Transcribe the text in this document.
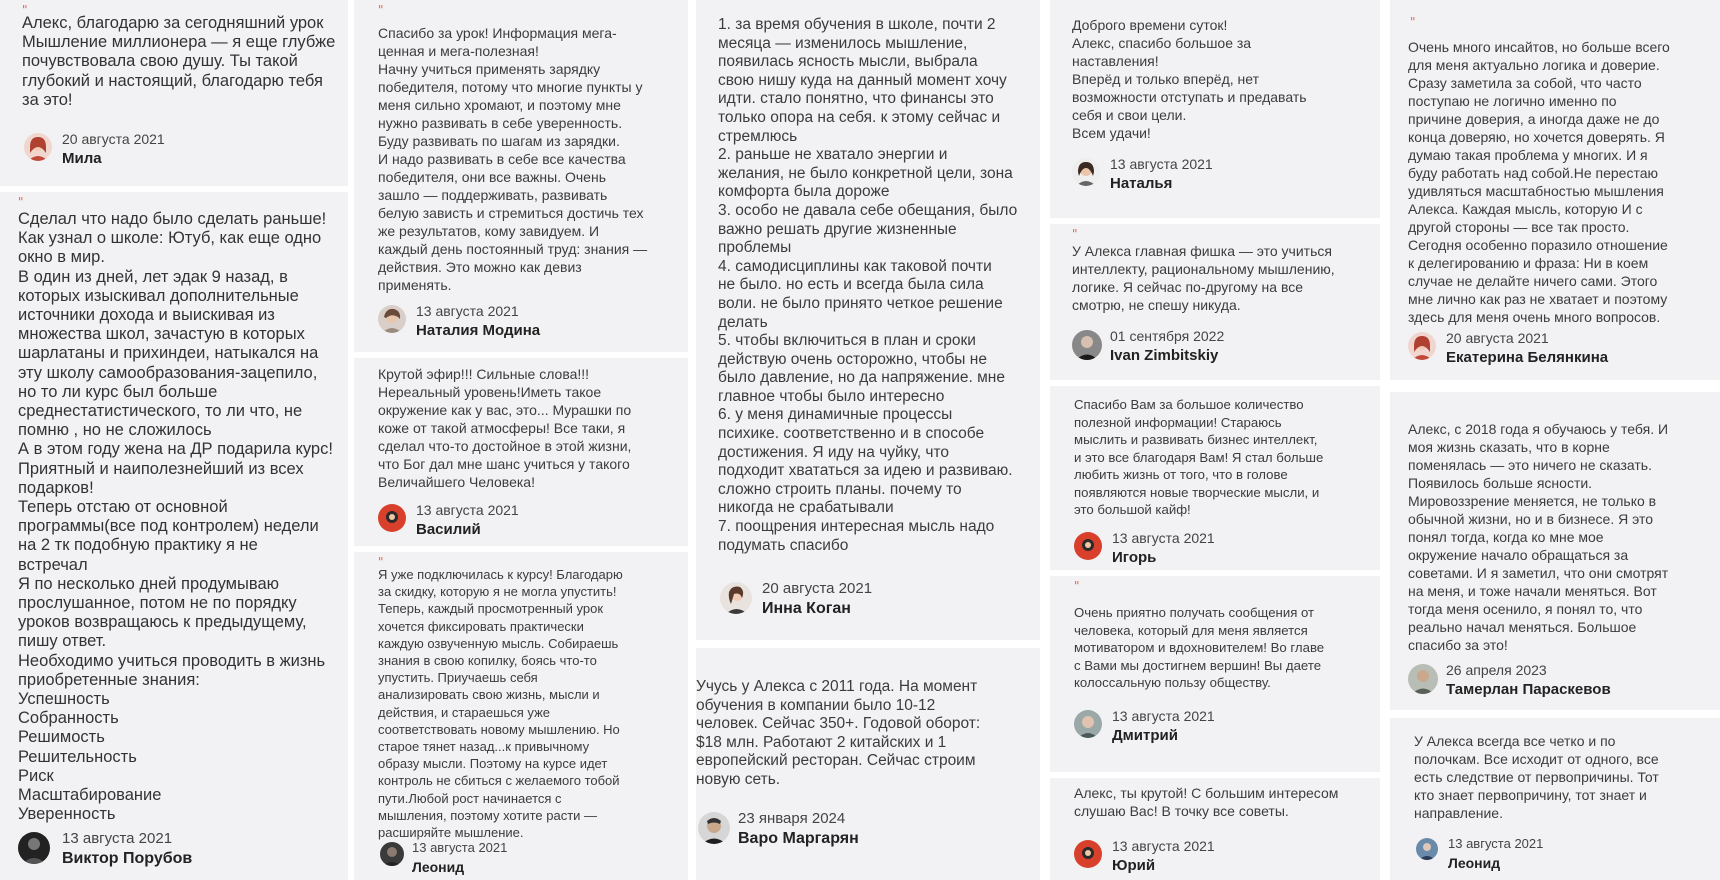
"
Алекс, благодарю за сегодняшний урок
Мышление миллионера — я еще глубже
почувствовала свою душу. Ты такой
глубокий и настоящий, благодарю тебя
за это!
20 августа 2021
Мила
"
Сделал что надо было сделать раньше!
Как узнал о школе: Ютуб, как еще одно
окно в мир.
В один из дней, лет эдак 9 назад, в
которых изыскивал дополнительные
источники дохода и выискивая из
множества школ, зачастую в которых
шарлатаны и прихиндеи, натыкался на
эту школу самообразования-зацепило,
но то ли курс был больше
среднестатистического, то ли что, не
помню , но не сложилось
А в этом году жена на ДР подарила курс!
Приятный и наиполезнейший из всех
подарков!
Теперь отстаю от основной
программы(все под контролем) недели
на 2 тк подобную практику я не
встречал
Я по несколько дней продумываю
прослушанное, потом не по порядку
уроков возвращаюсь к предыдущему,
пишу ответ.
Необходимо учиться проводить в жизнь
приобретенные знания:
Успешность
Собранность
Решимость
Решительность
Риск
Масштабирование
Уверенность
13 августа 2021
Виктор Порубов
"
Спасибо за урок! Информация мега-
ценная и мега-полезная!
Начну учиться применять зарядку
победителя, потому что многие пункты у
меня сильно хромают, и поэтому мне
нужно развивать в себе уверенность.
Буду развивать по шагам из зарядки.
И надо развивать в себе все качества
победителя, они все важны. Очень
зашло — поддерживать, развивать
белую зависть и стремиться достичь тех
же результатов, кому завидуем. И
каждый день постоянный труд: знания —
действия. Это можно как девиз
применять.
13 августа 2021
Наталия Модина
Крутой эфир!!! Сильные слова!!!
Нереальный уровень!Иметь такое
окружение как у вас, это... Мурашки по
коже от такой атмосферы! Все таки, я
сделал что-то достойное в этой жизни,
что Бог дал мне шанс учиться у такого
Величайшего Человека!
13 августа 2021
Василий
"
Я уже подключилась к курсу! Благодарю
за скидку, которую я не могла упустить!
Теперь, каждый просмотренный урок
хочется фиксировать практически
каждую озвученную мысль. Собираешь
знания в свою копилку, боясь что-то
упустить. Приучаешь себя
анализировать свою жизнь, мысли и
действия, и стараешься уже
соответствовать новому мышлению. Но
старое тянет назад...к привычному
образу мысли. Поэтому на курсе идет
контроль не сбиться с желаемого тобой
пути.Любой рост начинается с
мышления, поэтому хотите расти —
расширяйте мышление.
13 августа 2021
Леонид
1. за время обучения в школе, почти 2
месяца — изменилось мышление,
появилась ясность мысли, выбрала
свою нишу куда на данный момент хочу
идти. стало понятно, что финансы это
только опора на себя. к этому сейчас и
стремлюсь
2. раньше не хватало энергии и
желания, не было конкретной цели, зона
комфорта была дороже
3. особо не давала себе обещания, было
важно решать другие жизненные
проблемы
4. самодисциплины как таковой почти
не было. но есть и всегда была сила
воли. не было принято четкое решение
делать
5. чтобы включиться в план и сроки
действую очень осторожно, чтобы не
было давление, но да напряжение. мне
главное чтобы было интересно
6. у меня динамичные процессы
психике. соответственно и в способе
достижения. Я иду на чуйку, что
подходит хвататься за идею и развиваю.
сложно строить планы. почему то
никогда не срабатывали
7. поощрения интересная мысль надо
подумать спасибо
20 августа 2021
Инна Коган
Учусь у Алекса с 2011 года. На момент
обучения в компании было 10-12
человек. Сейчас 350+. Годовой оборот:
$18 млн. Работают 2 китайских и 1
европейский ресторан. Сейчас строим
новую сеть.
23 января 2024
Варо Маргарян
Доброго времени суток!
Алекс, спасибо большое за
наставления!
Вперёд и только вперёд, нет
возможности отступать и предавать
себя и свои цели.
Всем удачи!
13 августа 2021
Наталья
"
У Алекса главная фишка — это учиться
интеллекту, рациональному мышлению,
логике. Я сейчас по-другому на все
смотрю, не спешу никуда.
01 сентября 2022
Ivan Zimbitskiy
Спасибо Вам за большое количество
полезной информации! Стараюсь
мыслить и развивать бизнес интеллект,
и это все благодаря Вам! Я стал больше
любить жизнь от того, что в голове
появляются новые творческие мысли, и
это большой кайф!
13 августа 2021
Игорь
"
Очень приятно получать сообщения от
человека, который для меня является
мотиватором и вдохновителем! Во главе
с Вами мы достигнем вершин! Вы даете
колоссальную пользу обществу.
13 августа 2021
Дмитрий
Алекс, ты крутой! С большим интересом
слушаю Вас! В точку все советы.
13 августа 2021
Юрий
"
Очень много инсайтов, но больше всего
для меня актуально логика и доверие.
Сразу заметила за собой, что часто
поступаю не логично именно по
причине доверия, а иногда даже не до
конца доверяю, но хочется доверять. Я
думаю такая проблема у многих. И я
буду работать над собой.Не перестаю
удивляться масштабностью мышления
Алекса. Каждая мысль, которую И с
другой стороны — все так просто.
Сегодня особенно поразило отношение
к делегированию и фраза: Ни в коем
случае не делайте ничего сами. Этого
мне лично как раз не хватает и поэтому
здесь для меня очень много вопросов.
20 августа 2021
Екатерина Белянкина
Алекс, с 2018 года я обучаюсь у тебя. И
моя жизнь сказать, что в корне
поменялась — это ничего не сказать.
Появилось больше ясности.
Мировоззрение меняется, не только в
обычной жизни, но и в бизнесе. Я это
понял тогда, когда ко мне мое
окружение начало обращаться за
советами. И я заметил, что они смотрят
на меня, и тоже начали меняться. Вот
тогда меня осенило, я понял то, что
реально начал меняться. Большое
спасибо за это!
26 апреля 2023
Тамерлан Параскевов
У Алекса всегда все четко и по
полочкам. Все исходит от одного, все
есть следствие от первопричины. Тот
кто знает первопричину, тот знает и
направление.
13 августа 2021
Леонид
